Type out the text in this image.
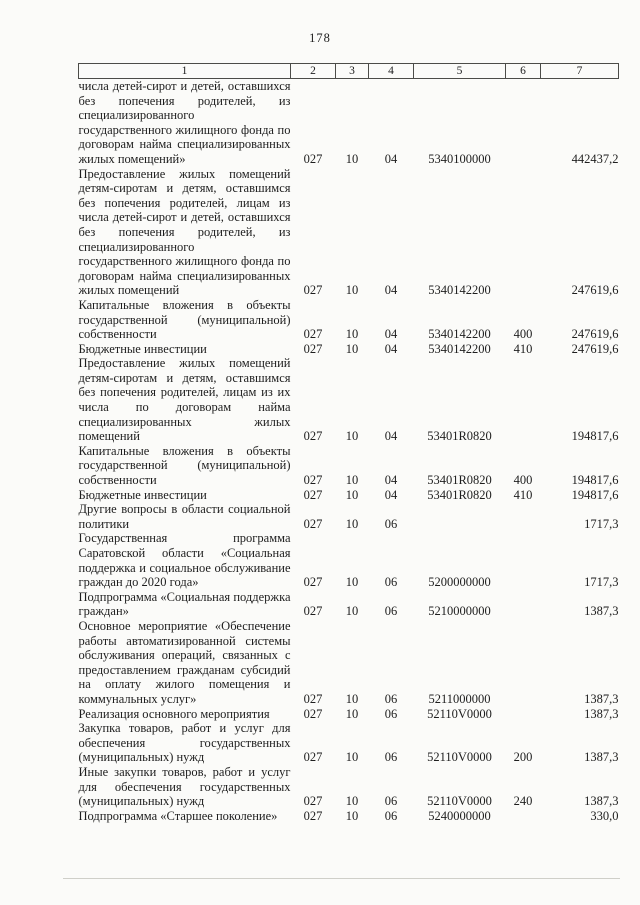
178
1	2	3	4	5	6	7
числа детей-сирот и детей, оставшихся без попечения родителей, из специализированного государственного жилищного фонда по договорам найма специализированных жилых помещений»	027	10	04	5340100000		442437,2
Предоставление жилых помещений детям-сиротам и детям, оставшимся без попечения родителей, лицам из числа детей-сирот и детей, оставшихся без попечения родителей, из специализированного государственного жилищного фонда по договорам найма специализированных жилых помещений	027	10	04	5340142200		247619,6
Капитальные вложения в объекты государственной (муниципальной) собственности	027	10	04	5340142200	400	247619,6
Бюджетные инвестиции	027	10	04	5340142200	410	247619,6
Предоставление жилых помещений детям-сиротам и детям, оставшимся без попечения родителей, лицам из их числа по договорам найма специализированных жилых помещений	027	10	04	53401R0820		194817,6
Капитальные вложения в объекты государственной (муниципальной) собственности	027	10	04	53401R0820	400	194817,6
Бюджетные инвестиции	027	10	04	53401R0820	410	194817,6
Другие вопросы в области социальной политики	027	10	06			1717,3
Государственная программа Саратовской области «Социальная поддержка и социальное обслуживание граждан до 2020 года»	027	10	06	5200000000		1717,3
Подпрограмма «Социальная поддержка граждан»	027	10	06	5210000000		1387,3
Основное мероприятие «Обеспечение работы автоматизированной системы обслуживания операций, связанных с предоставлением гражданам субсидий на оплату жилого помещения и коммунальных услуг»	027	10	06	5211000000		1387,3
Реализация основного мероприятия	027	10	06	52110V0000		1387,3
Закупка товаров, работ и услуг для обеспечения государственных (муниципальных) нужд	027	10	06	52110V0000	200	1387,3
Иные закупки товаров, работ и услуг для обеспечения государственных (муниципальных) нужд	027	10	06	52110V0000	240	1387,3
Подпрограмма «Старшее поколение»	027	10	06	5240000000		330,0
